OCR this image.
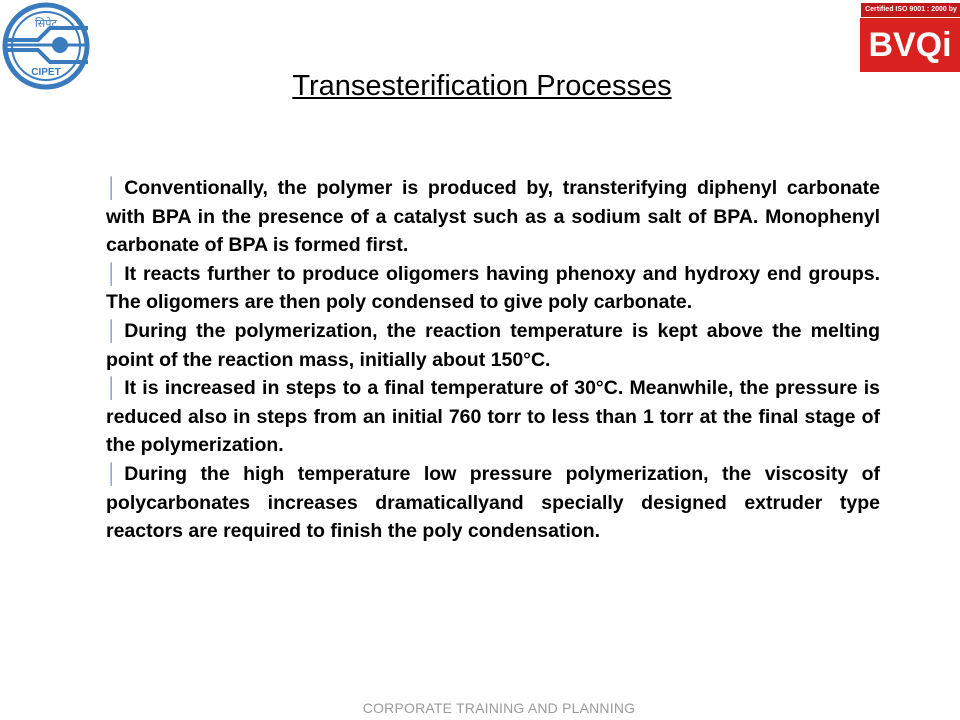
सिपेट
CIPET
Certified ISO 9001 : 2000 by
BVQi
Transesterification Processes

│ Conventionally, the polymer is produced by, transterifying diphenyl carbonate with BPA in the presence of a catalyst such as a sodium salt of BPA. Monophenyl carbonate of BPA is formed first.

│ It reacts further to produce oligomers having phenoxy and hydroxy end groups. The oligomers are then poly condensed to give poly carbonate.

│ During the polymerization, the reaction temperature is kept above the melting point of the reaction mass, initially about 150°C.

│ It is increased in steps to a final temperature of 30°C. Meanwhile, the pressure is reduced also in steps from an initial 760 torr to less than 1 torr at the final stage of the polymerization.

│ During the high temperature low pressure polymerization, the viscosity of polycarbonates increases dramaticallyand specially designed extruder type reactors are required to finish the poly condensation.

CORPORATE TRAINING AND PLANNING
